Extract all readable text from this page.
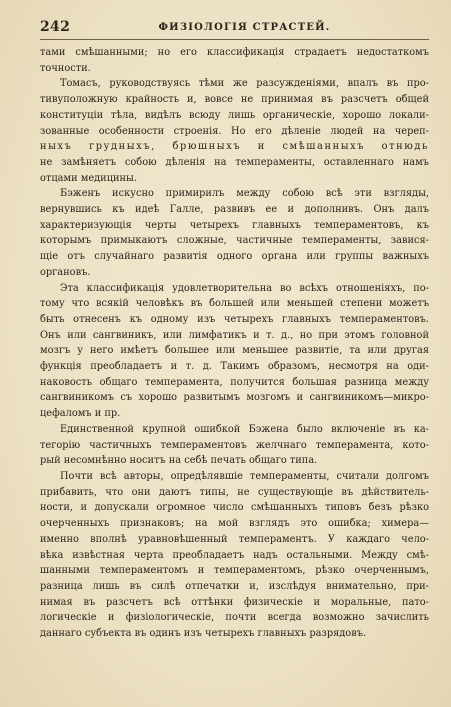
242	ФИЗIОЛОГIЯ СТРАСТЕЙ.
тами смѣшанными; но его классификація страдаетъ недостаткомъ
точности.
Томасъ, руководствуясь тѣми же разсужденіями, впалъ въ про-
тивуположную крайность и, вовсе не принимая въ разсчетъ общей
конституціи тѣла, видѣлъ всюду лишь органическіе, хорошо локали-
зованные особенности строенія. Но его дѣленіе людей на череп-
ныхъ грудныхъ, брюшныхъ и смѣшанныхъ отнюдь
не замѣняетъ собою дѣленія на темпераменты, оставленнаго намъ
отцами медицины.
Бэженъ искусно примирилъ между собою всѣ эти взгляды,
вернувшись къ идеѣ Галле, развивъ ее и дополнивъ. Онъ далъ
характеризующія черты четырехъ главныхъ темпераментовъ, къ
которымъ примыкаютъ сложные, частичные темпераменты, завися-
щіе отъ случайнаго развитія одного органа или группы важныхъ
органовъ.
Эта классификація удовлетворительна во всѣхъ отношеніяхъ, по-
тому что всякій человѣкъ въ большей или меньшей степени можетъ
быть отнесенъ къ одному изъ четырехъ главныхъ темпераментовъ.
Онъ или сангвиникъ, или лимфатикъ и т. д., но при этомъ головной
мозгъ у него имѣетъ большее или меньшее развитіе, та или другая
функція преобладаетъ и т. д. Такимъ образомъ, несмотря на оди-
наковость общаго темперамента, получится большая разница между
сангвиникомъ съ хорошо развитымъ мозгомъ и сангвиникомъ—микро-
цефаломъ и пр.
Единственной крупной ошибкой Бэжена было включеніе въ ка-
тегорію частичныхъ темпераментовъ желчнаго темперамента, кото-
рый несомнѣнно носитъ на себѣ печать общаго типа.
Почти всѣ авторы, опредѣлявшіе темпераменты, считали долгомъ
прибавить, что они даютъ типы, не существующіе въ дѣйствитель-
ности, и допускали огромное число смѣшанныхъ типовъ безъ рѣзко
очерченныхъ признаковъ; на мой взглядъ это ошибка; химера—
именно вполнѣ уравновѣшенный темпераментъ. У каждаго чело-
вѣка извѣстная черта преобладаетъ надъ остальными. Между смѣ-
шанными темпераментомъ и темпераментомъ, рѣзко очерченнымъ,
разница лишь въ силѣ отпечатки и, изслѣдуя внимательно, при-
нимая въ разсчетъ всѣ оттѣнки физическіе и моральные, пато-
логическіе и физіологическіе, почти всегда возможно зачислить
даннаго субъекта въ одинъ изъ четырехъ главныхъ разрядовъ.
